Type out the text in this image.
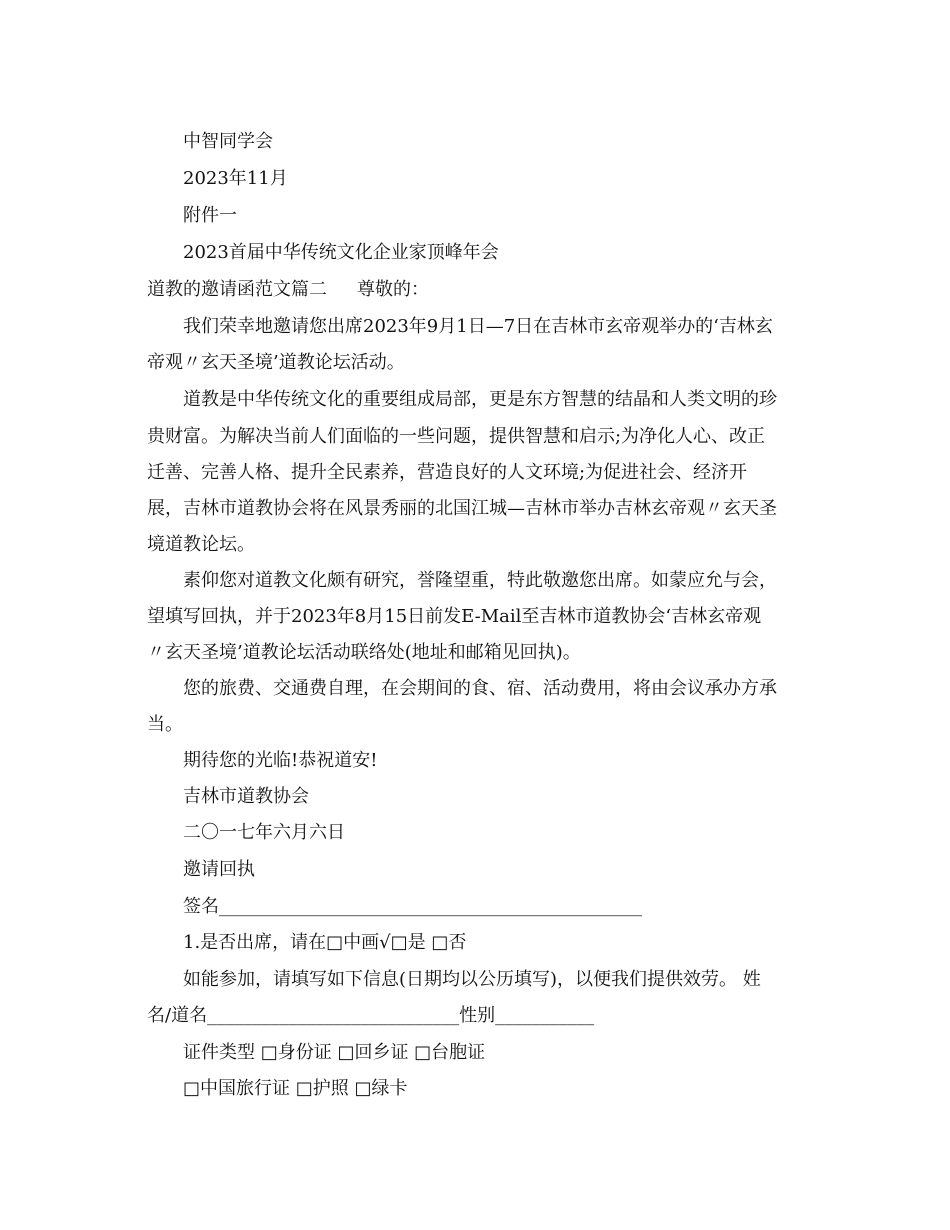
中智同学会
2023年11月
附件一
2023首届中华传统文化企业家顶峰年会
道教的邀请函范文篇二 尊敬的：
我们荣幸地邀请您出席2023年9月1日—7日在吉林市玄帝观举办的‘吉林玄
帝观〃玄天圣境’道教论坛活动。
道教是中华传统文化的重要组成局部，更是东方智慧的结晶和人类文明的珍
贵财富。为解决当前人们面临的一些问题，提供智慧和启示;为净化人心、改正
迁善、完善人格、提升全民素养，营造良好的人文环境;为促进社会、经济开
展，吉林市道教协会将在风景秀丽的北国江城—吉林市举办吉林玄帝观〃玄天圣
境道教论坛。
素仰您对道教文化颇有研究，誉隆望重，特此敬邀您出席。如蒙应允与会，
望填写回执，并于2023年8月15日前发E-Mail至吉林市道教协会‘吉林玄帝观
〃玄天圣境’道教论坛活动联络处(地址和邮箱见回执)。
您的旅费、交通费自理，在会期间的食、宿、活动费用，将由会议承办方承
当。
期待您的光临!恭祝道安!
吉林市道教协会
二〇一七年六月六日
邀请回执
签名_______________________________________________
1.是否出席，请在□中画√□是 □否
如能参加，请填写如下信息(日期均以公历填写)，以便我们提供效劳。 姓
名/道名____________________________性别___________
证件类型 □身份证 □回乡证 □台胞证
□中国旅行证 □护照 □绿卡
